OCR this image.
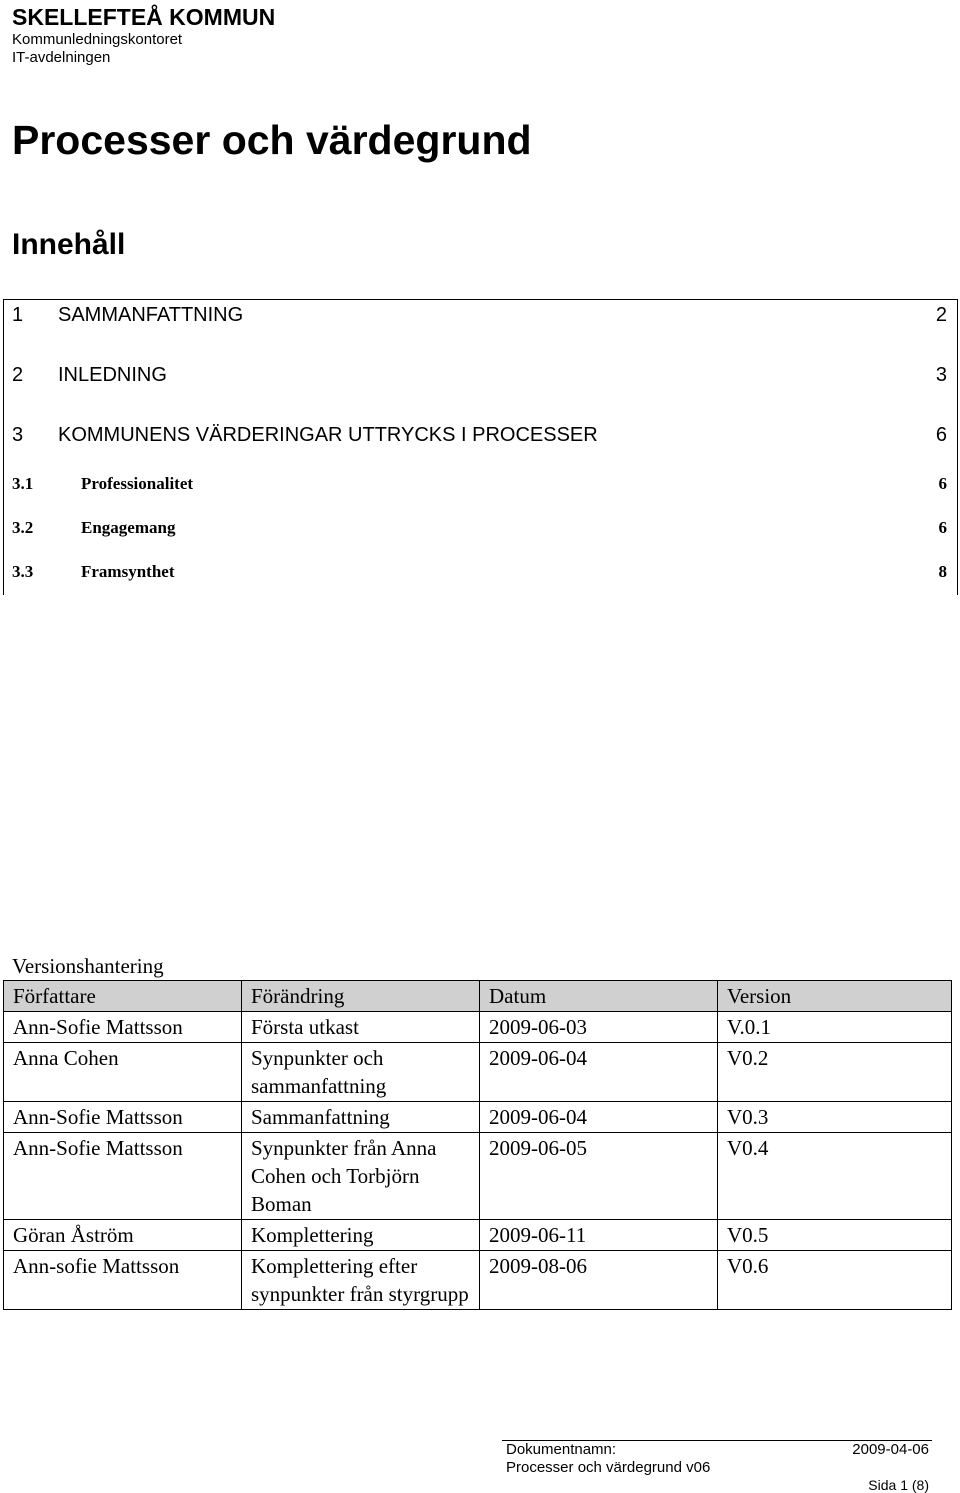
SKELLEFTEÅ KOMMUN
Kommunledningskontoret
IT-avdelningen
Processer och värdegrund
Innehåll
1 SAMMANFATTNING	2
2 INLEDNING	3
3 KOMMUNENS VÄRDERINGAR UTTRYCKS I PROCESSER	6
3.1	Professionalitet	6
3.2	Engagemang	6
3.3	Framsynthet	8
Versionshantering
Författare	Förändring	Datum	Version
Ann-Sofie Mattsson	Första utkast	2009-06-03	V.0.1
Anna Cohen	Synpunkter och sammanfattning	2009-06-04	V0.2
Ann-Sofie Mattsson	Sammanfattning	2009-06-04	V0.3
Ann-Sofie Mattsson	Synpunkter från Anna Cohen och Torbjörn Boman	2009-06-05	V0.4
Göran Åström	Komplettering	2009-06-11	V0.5
Ann-sofie Mattsson	Komplettering efter synpunkter från styrgrupp	2009-08-06	V0.6
Dokumentnamn:	2009-04-06
Processer och värdegrund v06
Sida 1 (8)
